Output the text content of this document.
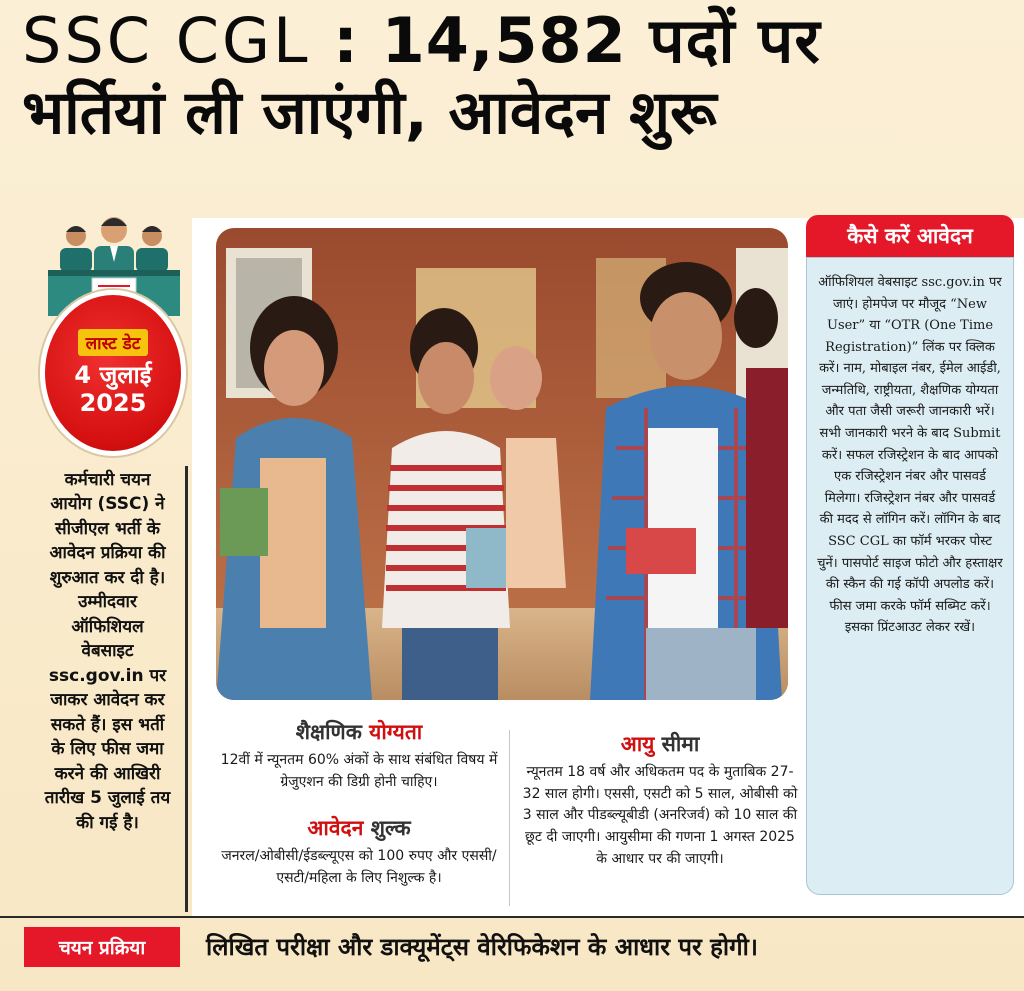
SSC CGL : 14,582 पदों पर
भर्तियां ली जाएंगी, आवेदन शुरू
लास्ट डेट
4 जुलाई
2025
कर्मचारी चयन आयोग (SSC) ने सीजीएल भर्ती के आवेदन प्रक्रिया की शुरुआत कर दी है। उम्मीदवार ऑफिशियल वेबसाइट ssc.gov.in पर जाकर आवेदन कर सकते हैं। इस भर्ती के लिए फीस जमा करने की आखिरी तारीख 5 जुलाई तय की गई है।
शैक्षणिक योग्यता
12वीं में न्यूनतम 60% अंकों के साथ संबंधित विषय में ग्रेजुएशन की डिग्री होनी चाहिए।
आवेदन शुल्क
जनरल/ओबीसी/ईडब्ल्यूएस को 100 रुपए और एससी/एसटी/महिला के लिए निशुल्क है।
आयु सीमा
न्यूनतम 18 वर्ष और अधिकतम पद के मुताबिक 27-32 साल होगी। एससी, एसटी को 5 साल, ओबीसी को 3 साल और पीडब्ल्यूबीडी (अनरिजर्व) को 10 साल की छूट दी जाएगी। आयुसीमा की गणना 1 अगस्त 2025 के आधार पर की जाएगी।
कैसे करें आवेदन
ऑफिशियल वेबसाइट ssc.gov.in पर जाएं। होमपेज पर मौजूद “New User” या “OTR (One Time Registration)” लिंक पर क्लिक करें। नाम, मोबाइल नंबर, ईमेल आईडी, जन्मतिथि, राष्ट्रीयता, शैक्षणिक योग्यता और पता जैसी जरूरी जानकारी भरें। सभी जानकारी भरने के बाद Submit करें। सफल रजिस्ट्रेशन के बाद आपको एक रजिस्ट्रेशन नंबर और पासवर्ड मिलेगा। रजिस्ट्रेशन नंबर और पासवर्ड की मदद से लॉगिन करें। लॉगिन के बाद SSC CGL का फॉर्म भरकर पोस्ट चुनें। पासपोर्ट साइज फोटो और हस्ताक्षर की स्कैन की गई कॉपी अपलोड करें। फीस जमा करके फॉर्म सब्मिट करें। इसका प्रिंटआउट लेकर रखें।
चयन प्रक्रिया	लिखित परीक्षा और डाक्यूमेंट्स वेरिफिकेशन के आधार पर होगी।
